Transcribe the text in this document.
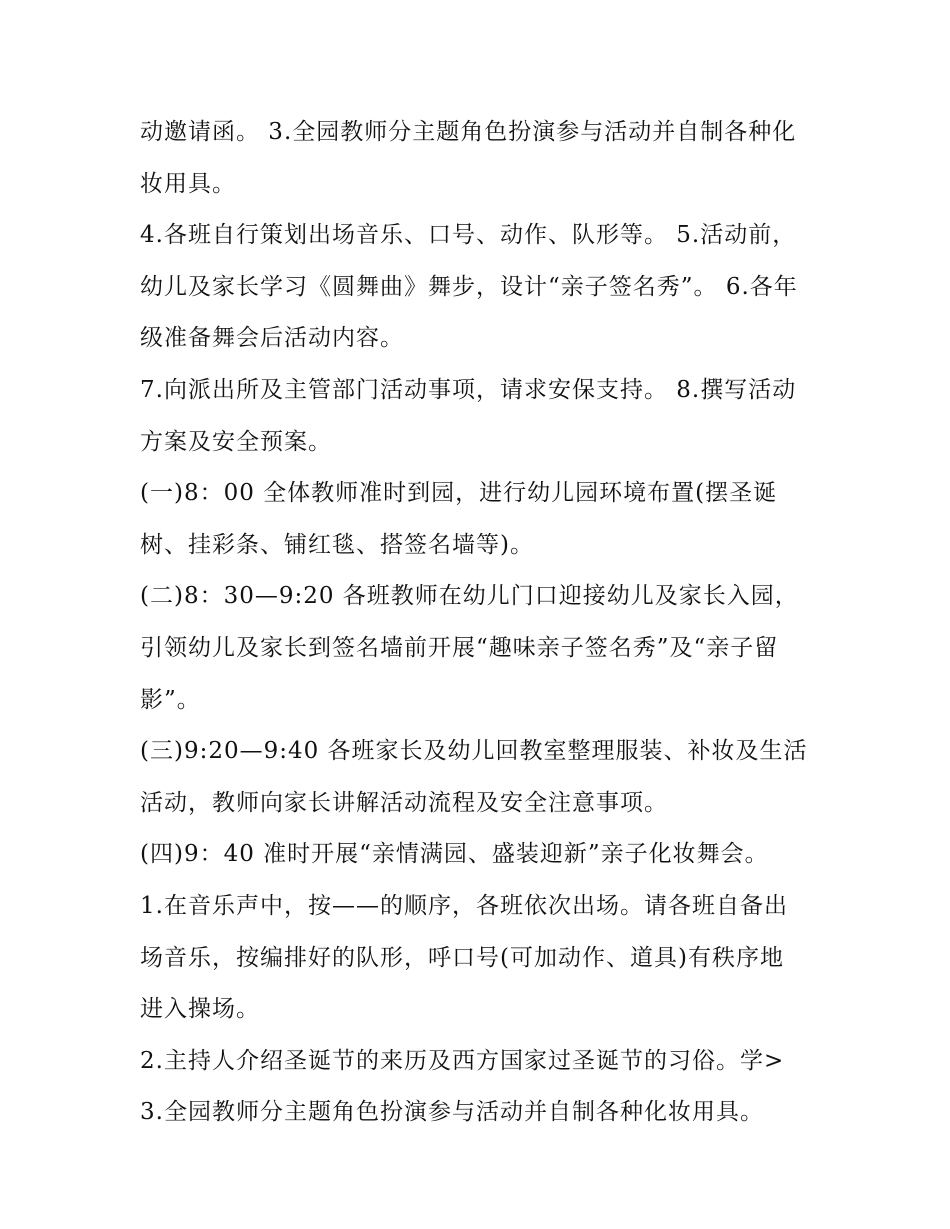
动邀请函。 3.全园教师分主题角色扮演参与活动并自制各种化
妆用具。
4.各班自行策划出场音乐、口号、动作、队形等。 5.活动前，
幼儿及家长学习《圆舞曲》舞步，设计“亲子签名秀”。 6.各年
级准备舞会后活动内容。
7.向派出所及主管部门活动事项，请求安保支持。 8.撰写活动
方案及安全预案。
(一)8：00 全体教师准时到园，进行幼儿园环境布置(摆圣诞
树、挂彩条、铺红毯、搭签名墙等)。
(二)8：30—9:20 各班教师在幼儿门口迎接幼儿及家长入园，
引领幼儿及家长到签名墙前开展“趣味亲子签名秀”及“亲子留
影”。
(三)9:20—9:40 各班家长及幼儿回教室整理服装、补妆及生活
活动，教师向家长讲解活动流程及安全注意事项。
(四)9：40 准时开展“亲情满园、盛装迎新”亲子化妆舞会。
1.在音乐声中，按——的顺序，各班依次出场。请各班自备出
场音乐，按编排好的队形，呼口号(可加动作、道具)有秩序地
进入操场。
2.主持人介绍圣诞节的来历及西方国家过圣诞节的习俗。学>
3.全园教师分主题角色扮演参与活动并自制各种化妆用具。
